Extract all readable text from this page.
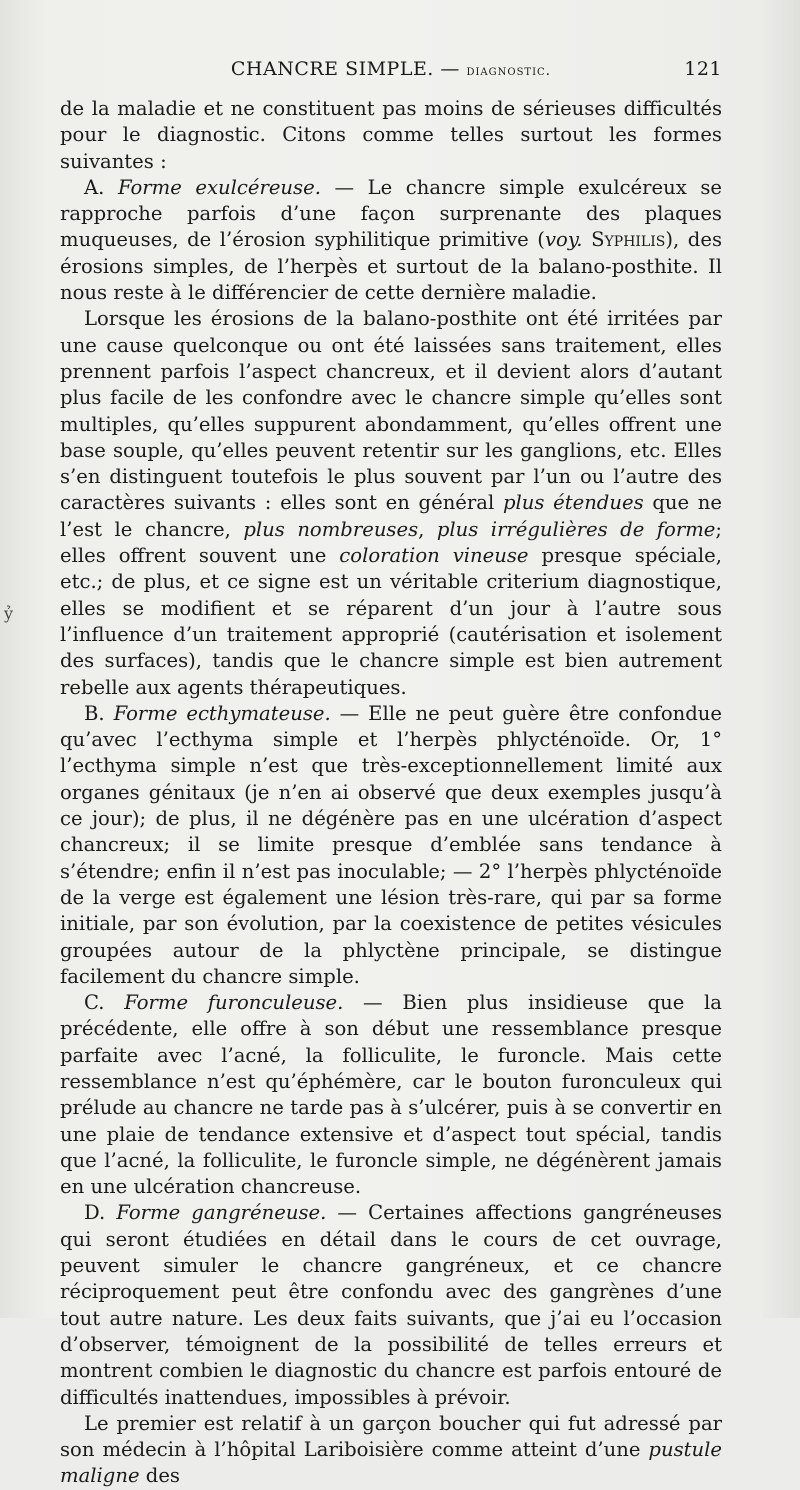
CHANCRE SIMPLE. — diagnostic.	121
ỷ

de la maladie et ne constituent pas moins de sérieuses difficultés pour le diagnostic. Citons comme telles surtout les formes suivantes :

A. Forme exulcéreuse. — Le chancre simple exulcéreux se rapproche parfois d’une façon surprenante des plaques muqueuses, de l’érosion syphilitique primitive (voy. Syphilis), des érosions simples, de l’herpès et surtout de la balano-posthite. Il nous reste à le différencier de cette dernière maladie.

Lorsque les érosions de la balano-posthite ont été irritées par une cause quelconque ou ont été laissées sans traitement, elles prennent parfois l’aspect chancreux, et il devient alors d’autant plus facile de les confondre avec le chancre simple qu’elles sont multiples, qu’elles suppurent abondamment, qu’elles offrent une base souple, qu’elles peuvent retentir sur les ganglions, etc. Elles s’en distinguent toutefois le plus souvent par l’un ou l’autre des caractères suivants : elles sont en général plus étendues que ne l’est le chancre, plus nombreuses, plus irrégulières de forme; elles offrent souvent une coloration vineuse presque spéciale, etc.; de plus, et ce signe est un véritable criterium diagnostique, elles se modifient et se réparent d’un jour à l’autre sous l’influence d’un traitement approprié (cautérisation et isolement des surfaces), tandis que le chancre simple est bien autrement rebelle aux agents thérapeutiques.

B. Forme ecthymateuse. — Elle ne peut guère être confondue qu’avec l’ecthyma simple et l’herpès phlycténoïde. Or, 1° l’ecthyma simple n’est que très-exceptionnellement limité aux organes génitaux (je n’en ai observé que deux exemples jusqu’à ce jour); de plus, il ne dégénère pas en une ulcération d’aspect chancreux; il se limite presque d’emblée sans tendance à s’étendre; enfin il n’est pas inoculable; — 2° l’herpès phlycténoïde de la verge est également une lésion très-rare, qui par sa forme initiale, par son évolution, par la coexistence de petites vésicules groupées autour de la phlyctène principale, se distingue facilement du chancre simple.

C. Forme furonculeuse. — Bien plus insidieuse que la précédente, elle offre à son début une ressemblance presque parfaite avec l’acné, la folliculite, le furoncle. Mais cette ressemblance n’est qu’éphémère, car le bouton furonculeux qui prélude au chancre ne tarde pas à s’ulcérer, puis à se convertir en une plaie de tendance extensive et d’aspect tout spécial, tandis que l’acné, la folliculite, le furoncle simple, ne dégénèrent jamais en une ulcération chancreuse.

D. Forme gangréneuse. — Certaines affections gangréneuses qui seront étudiées en détail dans le cours de cet ouvrage, peuvent simuler le chancre gangréneux, et ce chancre réciproquement peut être confondu avec des gangrènes d’une tout autre nature. Les deux faits suivants, que j’ai eu l’occasion d’observer, témoignent de la possibilité de telles erreurs et montrent combien le diagnostic du chancre est parfois entouré de difficultés inattendues, impossibles à prévoir.

Le premier est relatif à un garçon boucher qui fut adressé par son médecin à l’hôpital Lariboisière comme atteint d’une pustule maligne des
